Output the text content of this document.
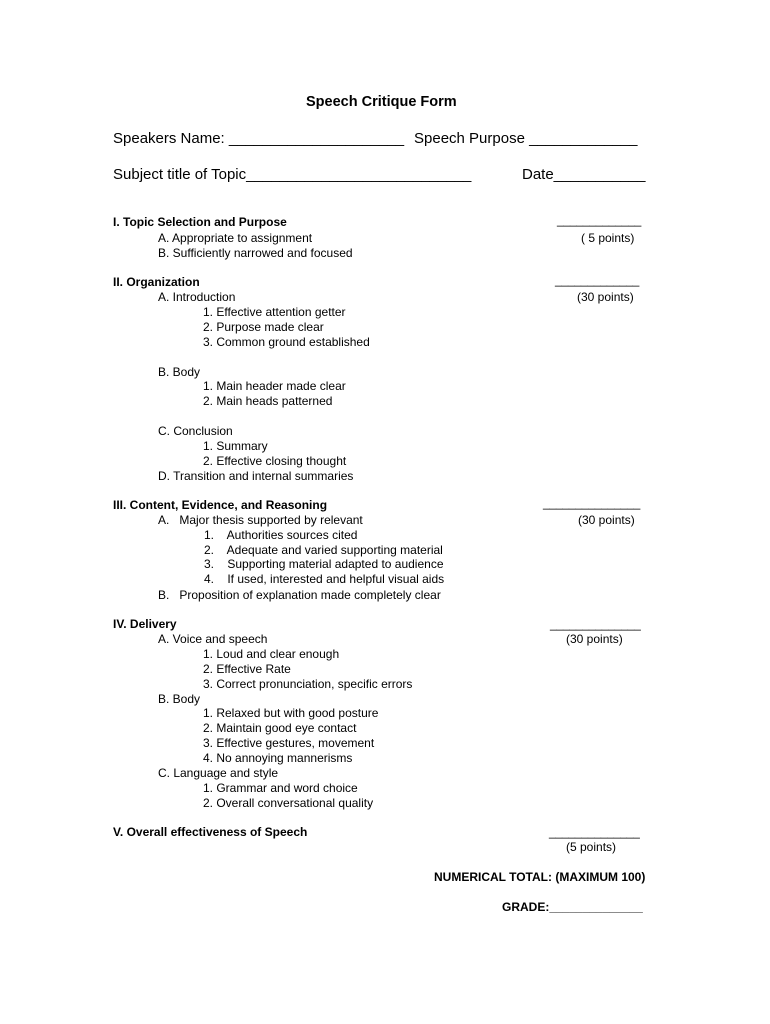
Speech Critique Form
Speakers Name: _____________________ Speech Purpose _____________
Subject title of Topic___________________________	Date___________
I. Topic Selection and Purpose	_____________
( 5 points)
A. Appropriate to assignment
B. Sufficiently narrowed and focused
II. Organization	_____________
(30 points)
A. Introduction
1. Effective attention getter
2. Purpose made clear
3. Common ground established
B. Body
1. Main header made clear
2. Main heads patterned
C. Conclusion
1. Summary
2. Effective closing thought
D. Transition and internal summaries
III. Content, Evidence, and Reasoning	_______________
(30 points)
A.   Major thesis supported by relevant
1.    Authorities sources cited
2.    Adequate and varied supporting material
3.    Supporting material adapted to audience
4.    If used, interested and helpful visual aids
B.   Proposition of explanation made completely clear
IV. Delivery	______________
(30 points)
A. Voice and speech
1. Loud and clear enough
2. Effective Rate
3. Correct pronunciation, specific errors
B. Body
1. Relaxed but with good posture
2. Maintain good eye contact
3. Effective gestures, movement
4. No annoying mannerisms
C. Language and style
1. Grammar and word choice
2. Overall conversational quality
V. Overall effectiveness of Speech	______________
(5 points)
NUMERICAL TOTAL: (MAXIMUM 100)
GRADE:______________
